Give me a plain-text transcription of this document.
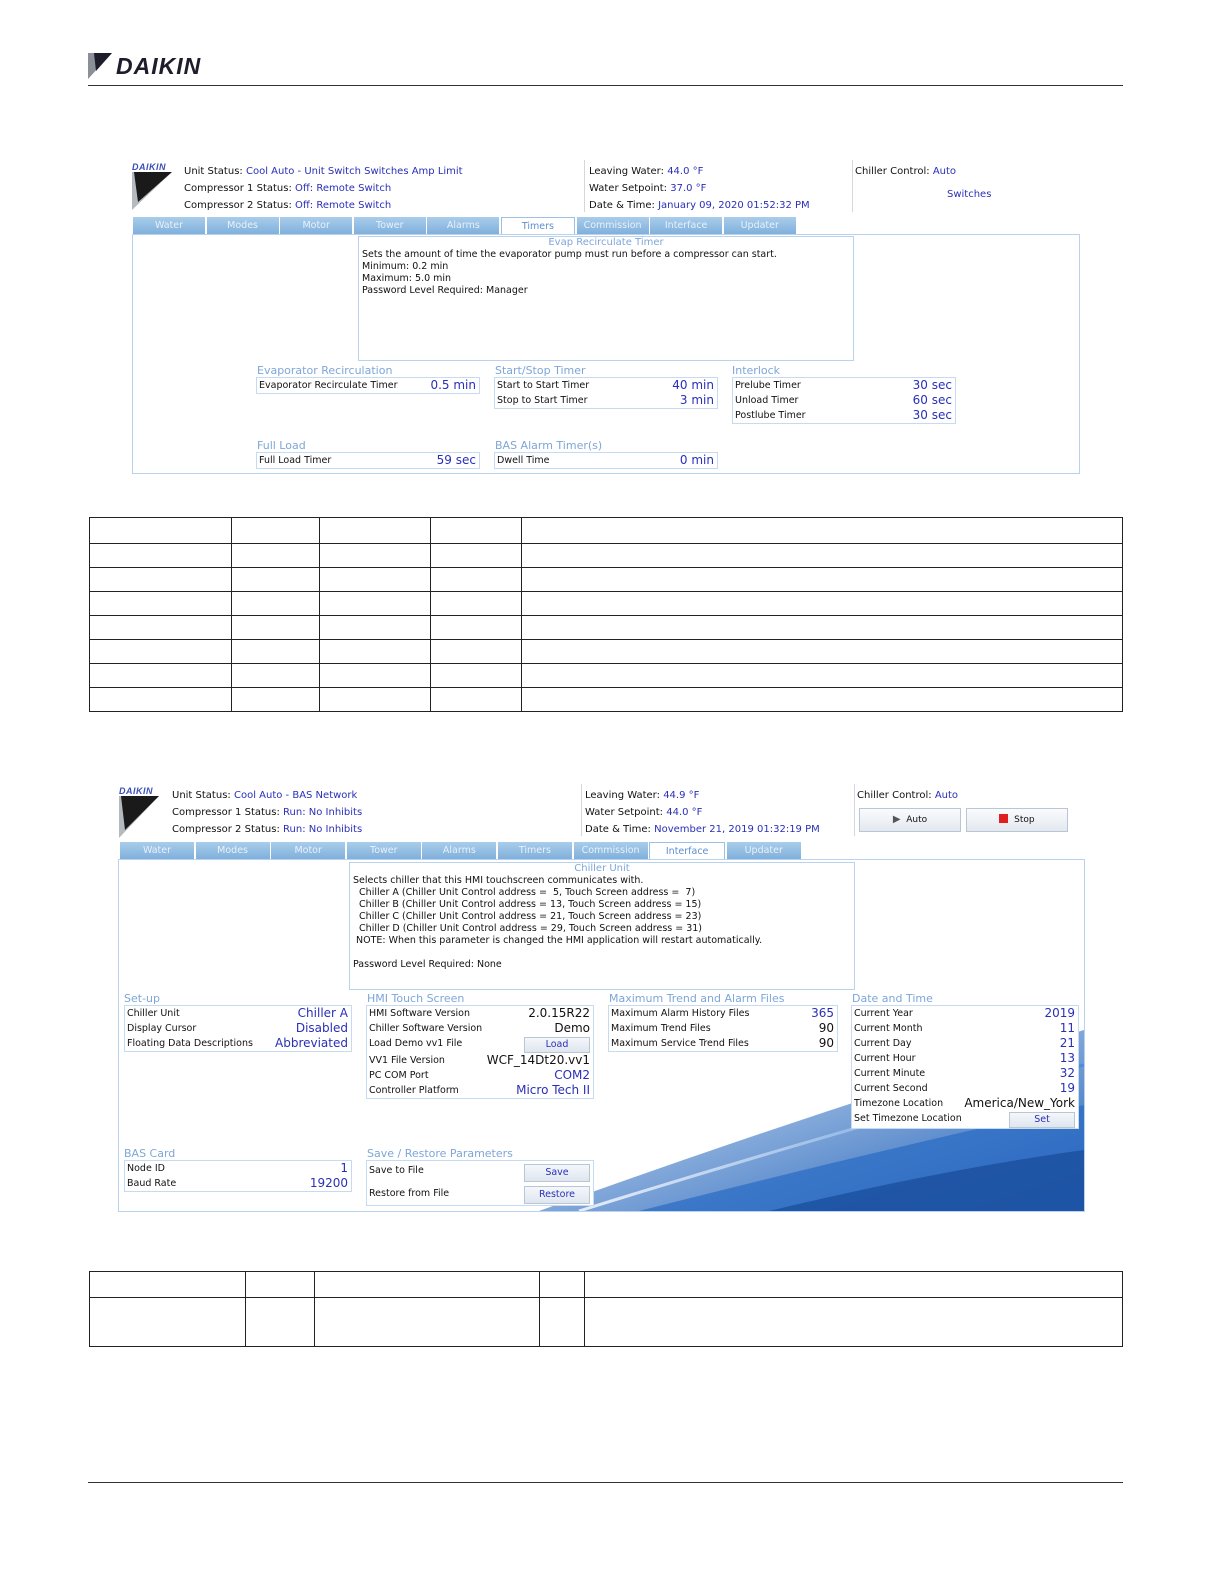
DAIKIN
DAIKIN	Unit Status: Cool Auto - Unit Switch Switches Amp Limit
Compressor 1 Status: Off: Remote Switch
Compressor 2 Status: Off: Remote Switch
Leaving Water: 44.0 °F
Water Setpoint: 37.0 °F
Date & Time: January 09, 2020 01:52:32 PM
Chiller Control: Auto
Switches
Water	Modes	Motor	Tower	Alarms	Timers	Commission	Interface	Updater
Evap Recirculate Timer
Sets the amount of time the evaporator pump must run before a compressor can start.
Minimum: 0.2 min
Maximum: 5.0 min
Password Level Required: Manager
Evaporator Recirculation
Evaporator Recirculate Timer	0.5 min
Start/Stop Timer
Start to Start Timer	40 min
Stop to Start Timer	3 min
Interlock
Prelube Timer	30 sec
Unload Timer	60 sec
Postlube Timer	30 sec
Full Load
Full Load Timer	59 sec
BAS Alarm Timer(s)
Dwell Time	0 min

DAIKIN	Unit Status: Cool Auto - BAS Network
Compressor 1 Status: Run: No Inhibits
Compressor 2 Status: Run: No Inhibits
Leaving Water: 44.9 °F
Water Setpoint: 44.0 °F
Date & Time: November 21, 2019 01:32:19 PM
Chiller Control: Auto
▶ Auto	Stop
Water	Modes	Motor	Tower	Alarms	Timers	Commission	Interface	Updater
Chiller Unit
Selects chiller that this HMI touchscreen communicates with.
Chiller A (Chiller Unit Control address =  5, Touch Screen address =  7)
Chiller B (Chiller Unit Control address = 13, Touch Screen address = 15)
Chiller C (Chiller Unit Control address = 21, Touch Screen address = 23)
Chiller D (Chiller Unit Control address = 29, Touch Screen address = 31)
NOTE: When this parameter is changed the HMI application will restart automatically.
Password Level Required: None
Set-up
Chiller Unit	Chiller A
Display Cursor	Disabled
Floating Data Descriptions Abbreviated
HMI Touch Screen
HMI Software Version	2.0.15R22
Chiller Software Version	Demo
Load Demo vv1 File	Load
VV1 File Version	WCF_14Dt20.vv1
PC COM Port	COM2
Controller Platform	Micro Tech II
Maximum Trend and Alarm Files
Maximum Alarm History Files	365
Maximum Trend Files	90
Maximum Service Trend Files	90
Date and Time
Current Year	2019
Current Month	11
Current Day	21
Current Hour	13
Current Minute	32
Current Second	19
Timezone Location America/New_York
Set Timezone Location	Set
BAS Card
Node ID	1
Baud Rate	19200
Save / Restore Parameters
Save to File	Save
Restore from File	Restore
